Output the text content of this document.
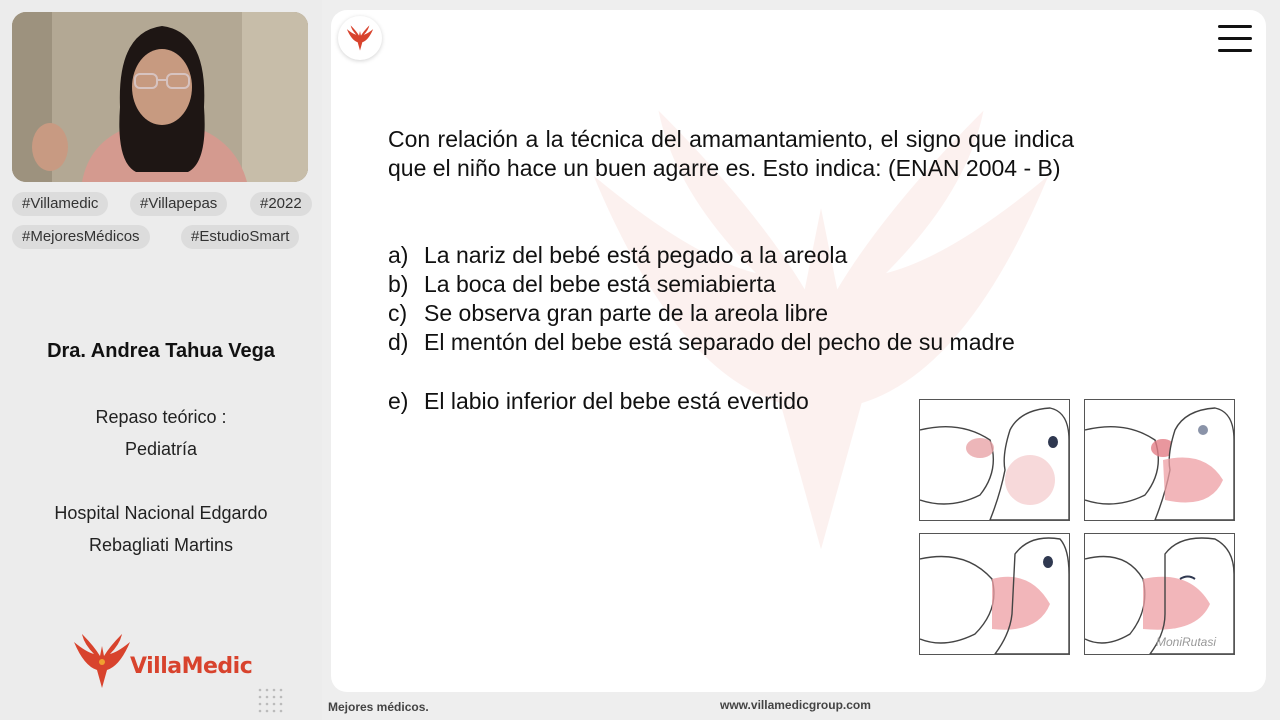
#Villamedic	#Villapepas	#2022
#MejoresMédicos	#EstudioSmart
Dra. Andrea Tahua Vega
Repaso teórico :
Pediatría
Hospital Nacional Edgardo
Rebagliati Martins
VillaMedic
Con relación a la técnica del amamantamiento, el signo que indica que el niño hace un buen agarre es. Esto indica: (ENAN 2004 - B)
a) La nariz del bebé está pegado a la areola
b) La boca del bebe está semiabierta
c) Se observa gran parte de la areola libre
d) El mentón del bebe está separado del pecho de su madre
e) El labio inferior del bebe está evertido
MoniRutasi
Mejores médicos.	www.villamedicgroup.com
